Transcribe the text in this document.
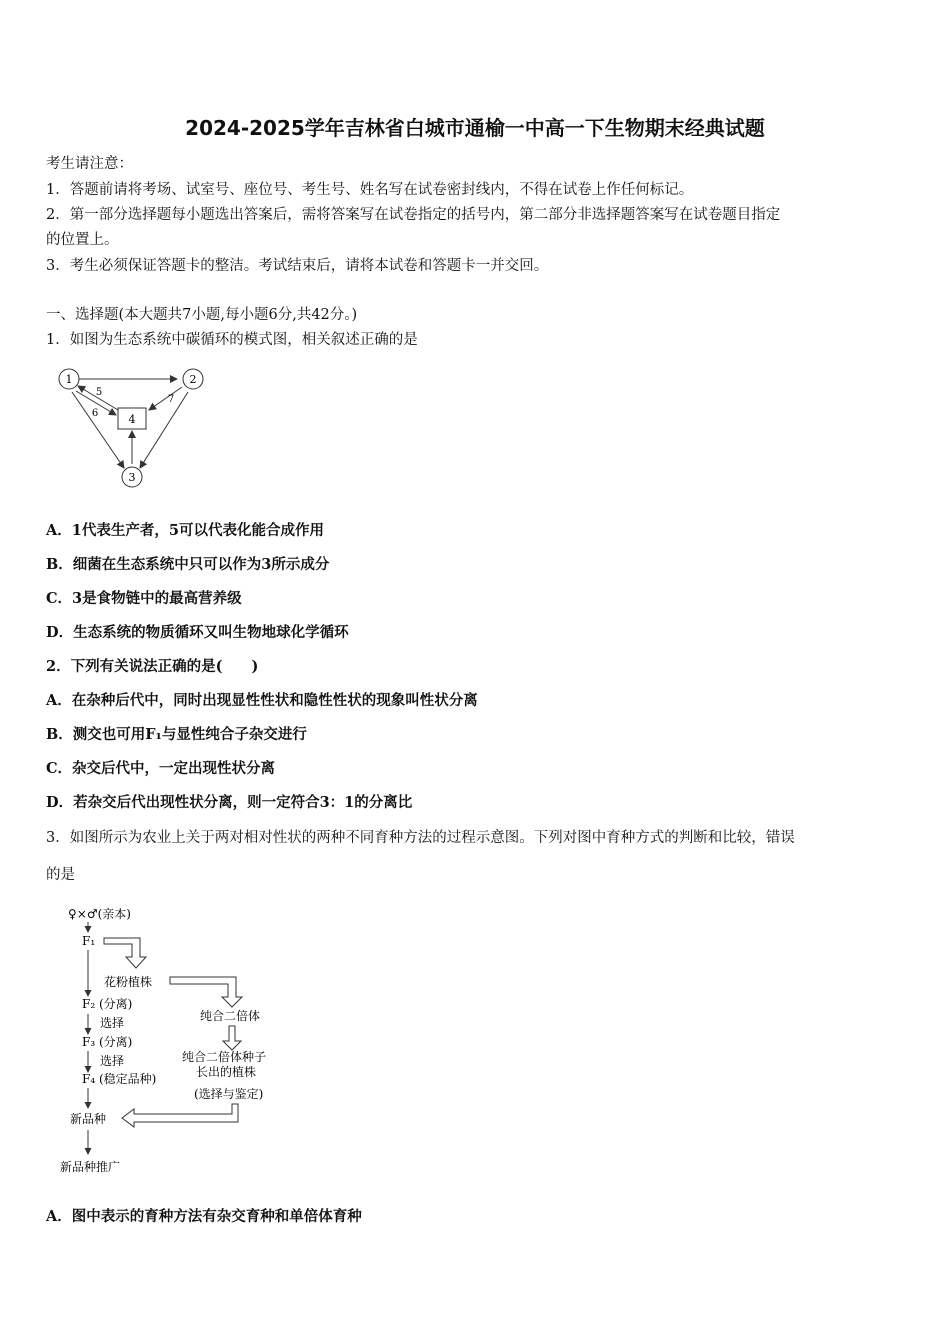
2024-2025学年吉林省白城市通榆一中高一下生物期末经典试题
考生请注意：
1．答题前请将考场、试室号、座位号、考生号、姓名写在试卷密封线内，不得在试卷上作任何标记。
2．第一部分选择题每小题选出答案后，需将答案写在试卷指定的括号内，第二部分非选择题答案写在试卷题目指定
的位置上。
3．考生必须保证答题卡的整洁。考试结束后，请将本试卷和答题卡一并交回。
一、选择题(本大题共7小题,每小题6分,共42分。)
1．如图为生态系统中碳循环的模式图，相关叙述正确的是
1	2
3
4
5
6
7
A．1代表生产者，5可以代表化能合成作用
B．细菌在生态系统中只可以作为3所示成分
C．3是食物链中的最高营养级
D．生态系统的物质循环又叫生物地球化学循环
2．下列有关说法正确的是(　　)
A．在杂种后代中，同时出现显性性状和隐性性状的现象叫性状分离
B．测交也可用F₁与显性纯合子杂交进行
C．杂交后代中，一定出现性状分离
D．若杂交后代出现性状分离，则一定符合3：1的分离比
3．如图所示为农业上关于两对相对性状的两种不同育种方法的过程示意图。下列对图中育种方式的判断和比较，错误
的是
♀×♂(亲本)
F₁
花粉植株
F₂ (分离)
选择	纯合二倍体
F₃ (分离)
选择	纯合二倍体种子
长出的植株
F₄ (稳定品种)
(选择与鉴定)
新品种
新品种推广
A．图中表示的育种方法有杂交育种和单倍体育种
